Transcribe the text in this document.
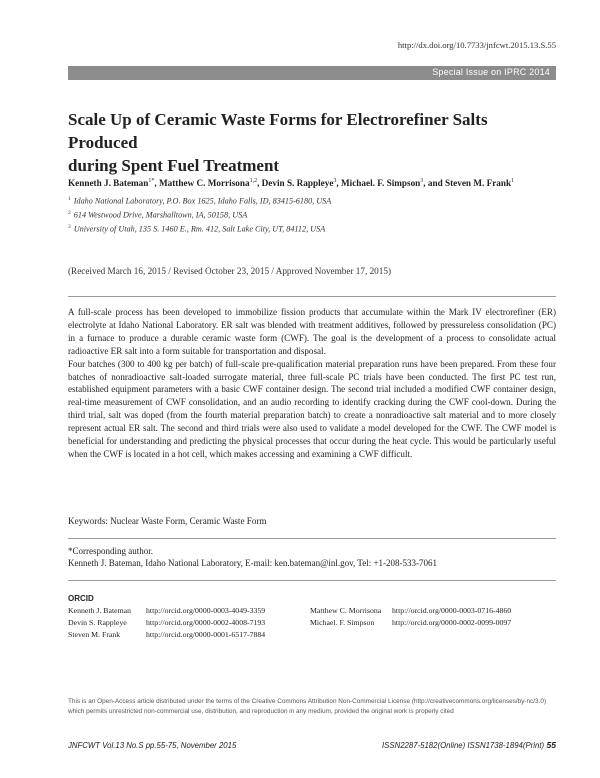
http://dx.doi.org/10.7733/jnfcwt.2015.13.S.55
Special Issue on IPRC 2014
Scale Up of Ceramic Waste Forms for Electrorefiner Salts Produced
during Spent Fuel Treatment
Kenneth J. Bateman$^{1*}$, Matthew C. Morrisona$^{1,2}$, Devin S. Rappleye$^3$, Michael. F. Simpson$^3$, and Steven M. Frank$^1$
$^1$ Idaho National Laboratory, P.O. Box 1625, Idaho Falls, ID, 83415-6180, USA
$^2$ 614 Westwood Drive, Marshalltown, IA, 50158, USA
$^3$ University of Utah, 135 S. 1460 E., Rm. 412, Salt Lake City, UT, 84112, USA
(Received March 16, 2015 / Revised October 23, 2015 / Approved November 17, 2015)

A full-scale process has been developed to immobilize fission products that accumulate within the Mark IV electrorefiner (ER) electrolyte at Idaho National Laboratory. ER salt was blended with treatment additives, followed by pressureless consolidation (PC) in a furnace to produce a durable ceramic waste form (CWF). The goal is the development of a process to consolidate actual radioactive ER salt into a form suitable for transportation and disposal.

Four batches (300 to 400 kg per batch) of full-scale pre-qualification material preparation runs have been prepared. From these four batches of nonradioactive salt-loaded surrogate material, three full-scale PC trials have been conducted. The first PC test run, established equipment parameters with a basic CWF container design. The second trial included a modified CWF container design, real-time measurement of CWF consolidation, and an audio recording to identify cracking during the CWF cool-down. During the third trial, salt was doped (from the fourth material preparation batch) to create a nonradioactive salt material and to more closely represent actual ER salt. The second and third trials were also used to validate a model developed for the CWF. The CWF model is beneficial for understanding and predicting the physical processes that occur during the heat cycle. This would be particularly useful when the CWF is located in a hot cell, which makes accessing and examining a CWF difficult.

Keywords: Nuclear Waste Form, Ceramic Waste Form
*Corresponding author.
Kenneth J. Bateman, Idaho National Laboratory, E-mail: ken.bateman@inl.gov, Tel: +1-208-533-7061
ORCID
Kenneth J. Bateman http://orcid.org/0000-0003-4049-3359
Devin S. Rappleye http://orcid.org/0000-0002-4008-7193
Steven M. Frank	http://orcid.org/0000-0001-6517-7884
Matthew C. Morrisona http://orcid.org/0000-0003-0716-4860
Michael. F. Simpson http://orcid.org/0000-0002-0099-0097
This is an Open-Access article distributed under the terms of the Creative Commons Attribution Non-Commercial License (http://creativecommons.org/licenses/by-nc/3.0) which permits unrestricted non-commercial use, distribution, and reproduction in any medium, provided the original work is properly cited
JNFCWT Vol.13 No.S pp.55-75, November 2015	ISSN2287-5182(Online) ISSN1738-1894(Print) 55
